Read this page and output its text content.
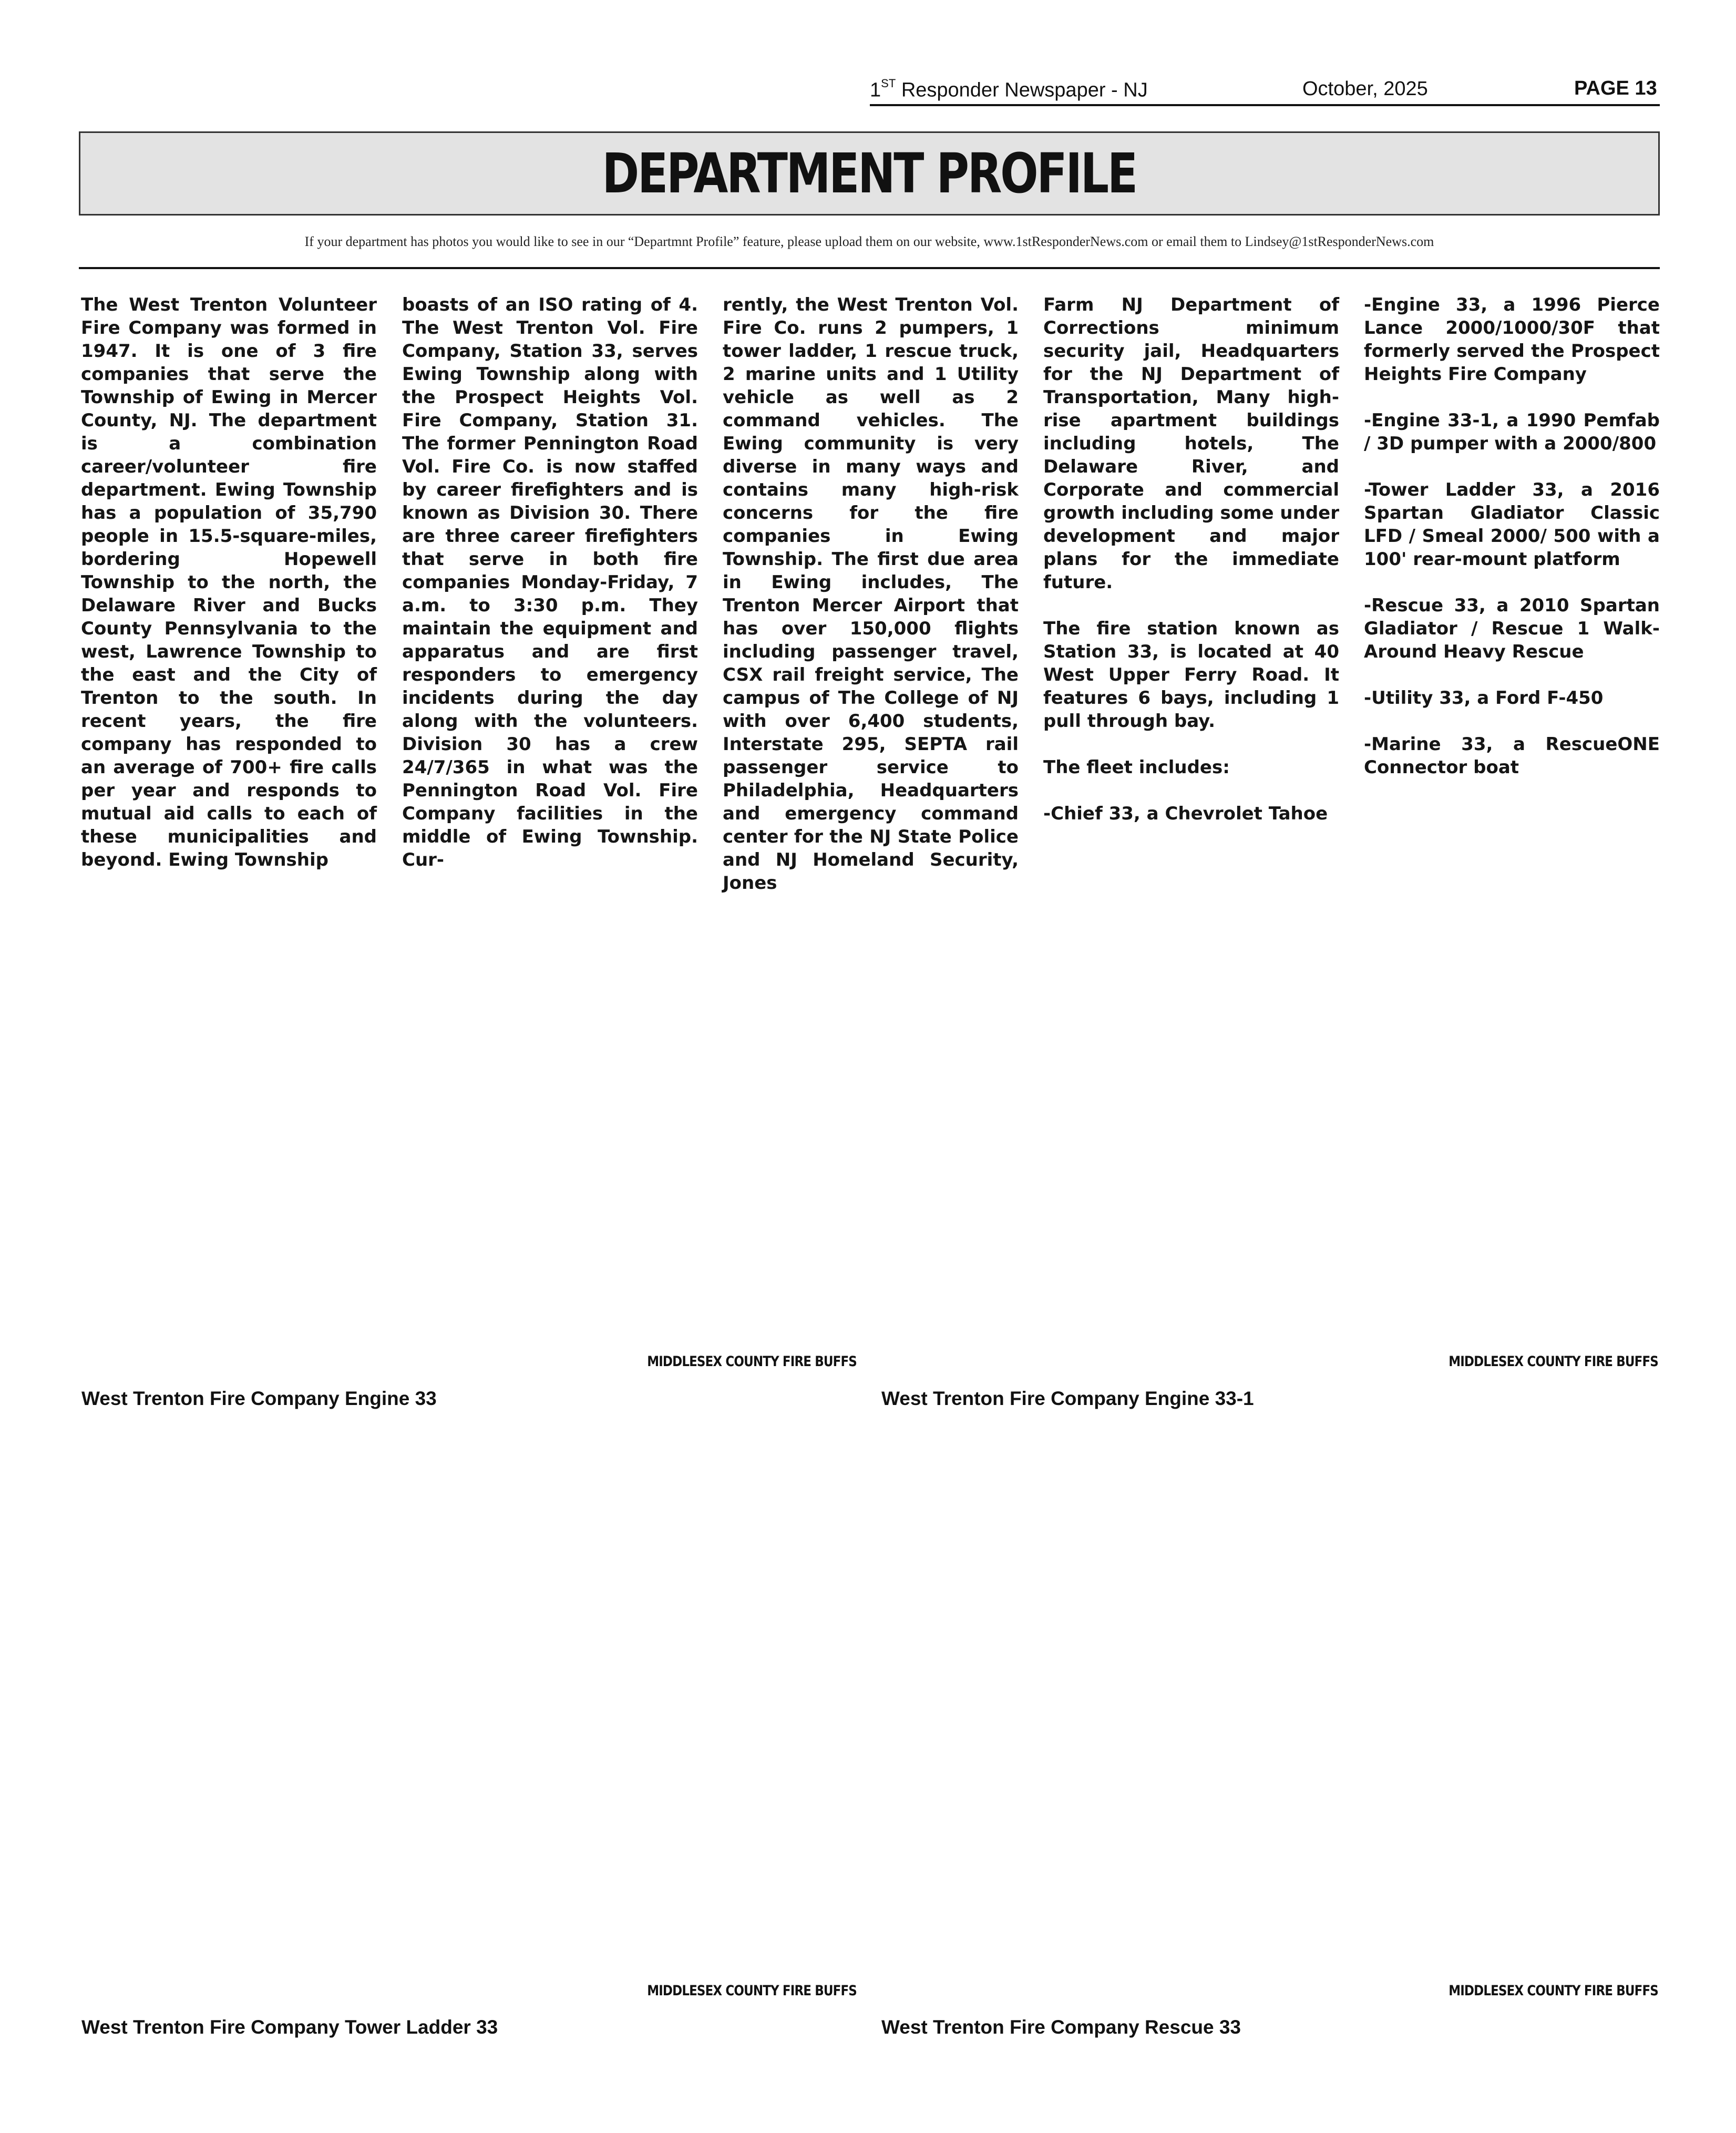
1ST Responder Newspaper - NJ	October, 2025	PAGE 13
DEPARTMENT PROFILE
If your department has photos you would like to see in our “Departmnt Profile” feature, please upload them on our website, www.1stResponderNews.com or email them to Lindsey@1stResponderNews.com

The West Trenton Volunteer Fire Company was formed in 1947. It is one of 3 fire companies that serve the Township of Ewing in Mercer County, NJ. The department is a combination career/volunteer fire department. Ewing Township has a population of 35,790 people in 15.5-square-miles, bordering Hopewell Township to the north, the Delaware River and Bucks County Pennsylvania to the west, Lawrence Township to the east and the City of Trenton to the south. In recent years, the fire company has responded to an average of 700+ fire calls per year and responds to mutual aid calls to each of these municipalities and beyond. Ewing Township

boasts of an ISO rating of 4. The West Trenton Vol. Fire Company, Station 33, serves Ewing Township along with the Prospect Heights Vol. Fire Company, Station 31. The former Pennington Road Vol. Fire Co. is now staffed by career firefighters and is known as Division 30. There are three career firefighters that serve in both fire companies Monday-Friday, 7 a.m. to 3:30 p.m. They maintain the equipment and apparatus and are first responders to emergency incidents during the day along with the volunteers. Division 30 has a crew 24/7/365 in what was the Pennington Road Vol. Fire Company facilities in the middle of Ewing Township. Cur-

rently, the West Trenton Vol. Fire Co. runs 2 pumpers, 1 tower ladder, 1 rescue truck, 2 marine units and 1 Utility vehicle as well as 2 command vehicles. The Ewing community is very diverse in many ways and contains many high-risk concerns for the fire companies in Ewing Township. The first due area in Ewing includes, The Trenton Mercer Airport that has over 150,000 flights including passenger travel, CSX rail freight service, The campus of The College of NJ with over 6,400 students, Interstate 295, SEPTA rail passenger service to Philadelphia, Headquarters and emergency command center for the NJ State Police and NJ Homeland Security, Jones

Farm NJ Department of Corrections minimum security jail, Headquarters for the NJ Department of Transportation, Many high-rise apartment buildings including hotels, The Delaware River, and Corporate and commercial growth including some under development and major plans for the immediate future.

The fire station known as Station 33, is located at 40 West Upper Ferry Road. It features 6 bays, including 1 pull through bay.

The fleet includes:

-Chief 33, a Chevrolet Tahoe

-Engine 33, a 1996 Pierce Lance 2000/1000/30F that formerly served the Prospect Heights Fire Company

-Engine 33-1, a 1990 Pemfab / 3D pumper with a 2000/800

-Tower Ladder 33, a 2016 Spartan Gladiator Classic LFD / Smeal 2000/ 500 with a 100' rear-mount platform

-Rescue 33, a 2010 Spartan Gladiator / Rescue 1 Walk-Around Heavy Rescue

-Utility 33, a Ford F-450

-Marine 33, a RescueONE Connector boat

MIDDLESEX COUNTY FIRE BUFFS
West Trenton Fire Company Engine 33
MIDDLESEX COUNTY FIRE BUFFS
West Trenton Fire Company Engine 33-1
MIDDLESEX COUNTY FIRE BUFFS
West Trenton Fire Company Tower Ladder 33
MIDDLESEX COUNTY FIRE BUFFS
West Trenton Fire Company Rescue 33
